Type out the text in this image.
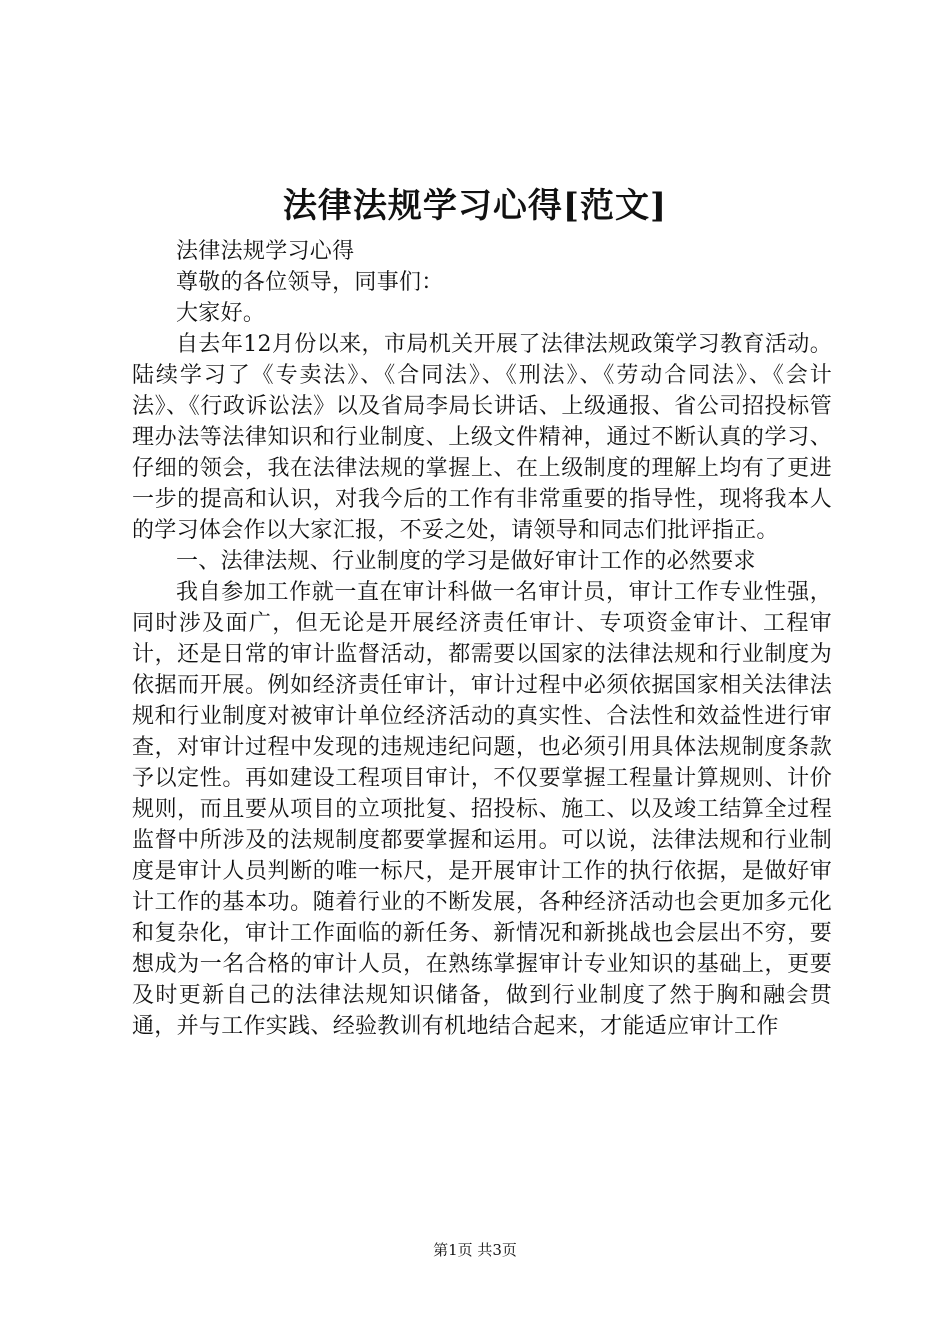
法律法规学习心得[范文]

法律法规学习心得

尊敬的各位领导，同事们：

大家好。

自去年12月份以来，市局机关开展了法律法规政策学习教育活动。陆续学习了《专卖法》、《合同法》、《刑法》、《劳动合同法》、《会计法》、《行政诉讼法》以及省局李局长讲话、上级通报、省公司招投标管理办法等法律知识和行业制度、上级文件精神，通过不断认真的学习、仔细的领会，我在法律法规的掌握上、在上级制度的理解上均有了更进一步的提高和认识，对我今后的工作有非常重要的指导性，现将我本人的学习体会作以大家汇报，不妥之处，请领导和同志们批评指正。

一、法律法规、行业制度的学习是做好审计工作的必然要求

我自参加工作就一直在审计科做一名审计员，审计工作专业性强，同时涉及面广，但无论是开展经济责任审计、专项资金审计、工程审计，还是日常的审计监督活动，都需要以国家的法律法规和行业制度为依据而开展。例如经济责任审计，审计过程中必须依据国家相关法律法规和行业制度对被审计单位经济活动的真实性、合法性和效益性进行审查，对审计过程中发现的违规违纪问题，也必须引用具体法规制度条款予以定性。再如建设工程项目审计，不仅要掌握工程量计算规则、计价规则，而且要从项目的立项批复、招投标、施工、以及竣工结算全过程监督中所涉及的法规制度都要掌握和运用。可以说，法律法规和行业制度是审计人员判断的唯一标尺，是开展审计工作的执行依据，是做好审计工作的基本功。随着行业的不断发展，各种经济活动也会更加多元化和复杂化，审计工作面临的新任务、新情况和新挑战也会层出不穷，要想成为一名合格的审计人员，在熟练掌握审计专业知识的基础上，更要及时更新自己的法律法规知识储备，做到行业制度了然于胸和融会贯通，并与工作实践、经验教训有机地结合起来，才能适应审计工作

第1页 共3页
